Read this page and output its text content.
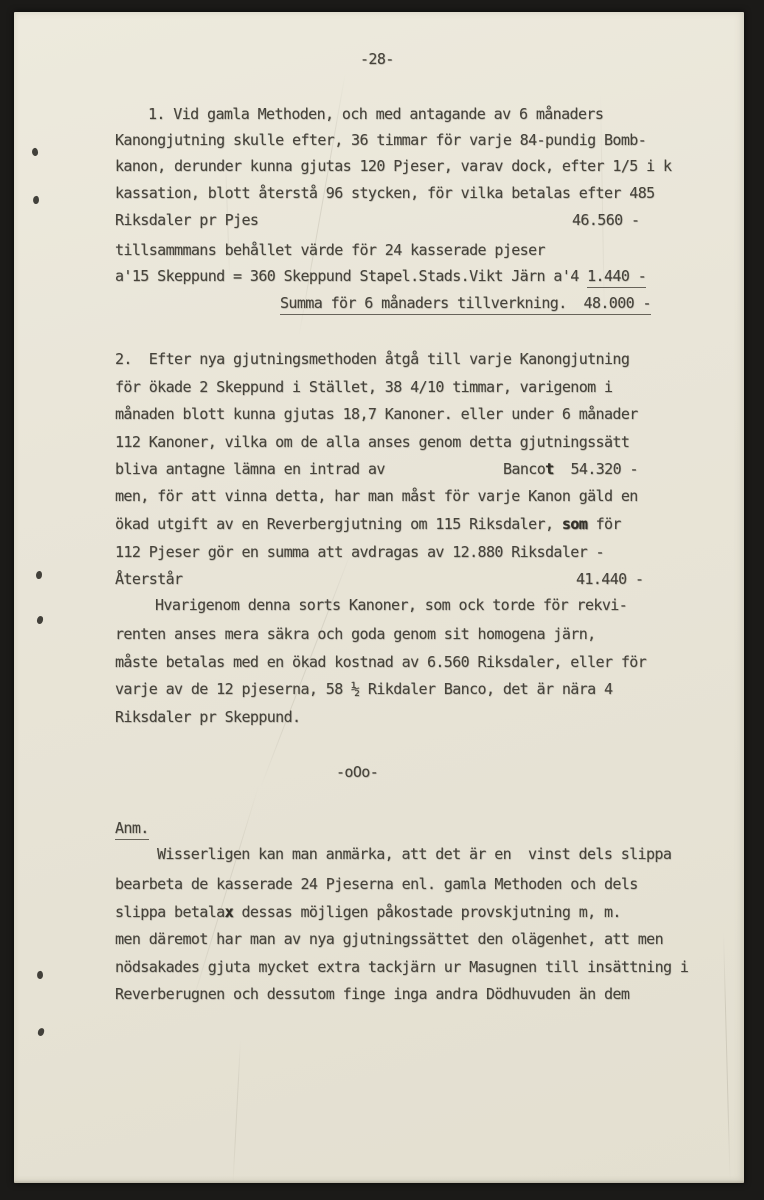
-28-
1. Vid gamla Methoden, och med antagande av 6 månaders
Kanongjutning skulle efter, 36 timmar för varje 84-pundig Bomb-
kanon, derunder kunna gjutas 120 Pjeser, varav dock, efter 1/5 i k
kassation, blott återstå 96 stycken, för vilka betalas efter 485
Riksdaler pr Pjes	46.560 -
tillsammmans behållet värde för 24 kasserade pjeser
a'15 Skeppund = 360 Skeppund Stapel.Stads.Vikt Järn a'4 1.440 -
Summa för 6 månaders tillverkning.  48.000 -
2.  Efter nya gjutningsmethoden åtgå till varje Kanongjutning
för ökade 2 Skeppund i Stället, 38 4/10 timmar, varigenom i
månaden blott kunna gjutas 18,7 Kanoner. eller under 6 månader
112 Kanoner, vilka om de alla anses genom detta gjutningssätt
bliva antagne lämna en intrad av	Bancot  54.320 -
men, för att vinna detta, har man måst för varje Kanon gäld en
ökad utgift av en Reverbergjutning om 115 Riksdaler, som för
112 Pjeser gör en summa att avdragas av 12.880 Riksdaler -
Återstår	41.440 -
Hvarigenom denna sorts Kanoner, som ock torde för rekvi-
renten anses mera säkra och goda genom sit homogena järn,
måste betalas med en ökad kostnad av 6.560 Riksdaler, eller för
varje av de 12 pjeserna, 58 ½ Rikdaler Banco, det är nära 4
Riksdaler pr Skeppund.
-oOo-
Anm.
Wisserligen kan man anmärka, att det är en  vinst dels slippa
bearbeta de kasserade 24 Pjeserna enl. gamla Methoden och dels
slippa betalax dessas möjligen påkostade provskjutning m, m.
men däremot har man av nya gjutningssättet den olägenhet, att men
nödsakades gjuta mycket extra tackjärn ur Masugnen till insättning i
Reverberugnen och dessutom finge inga andra Dödhuvuden än dem
